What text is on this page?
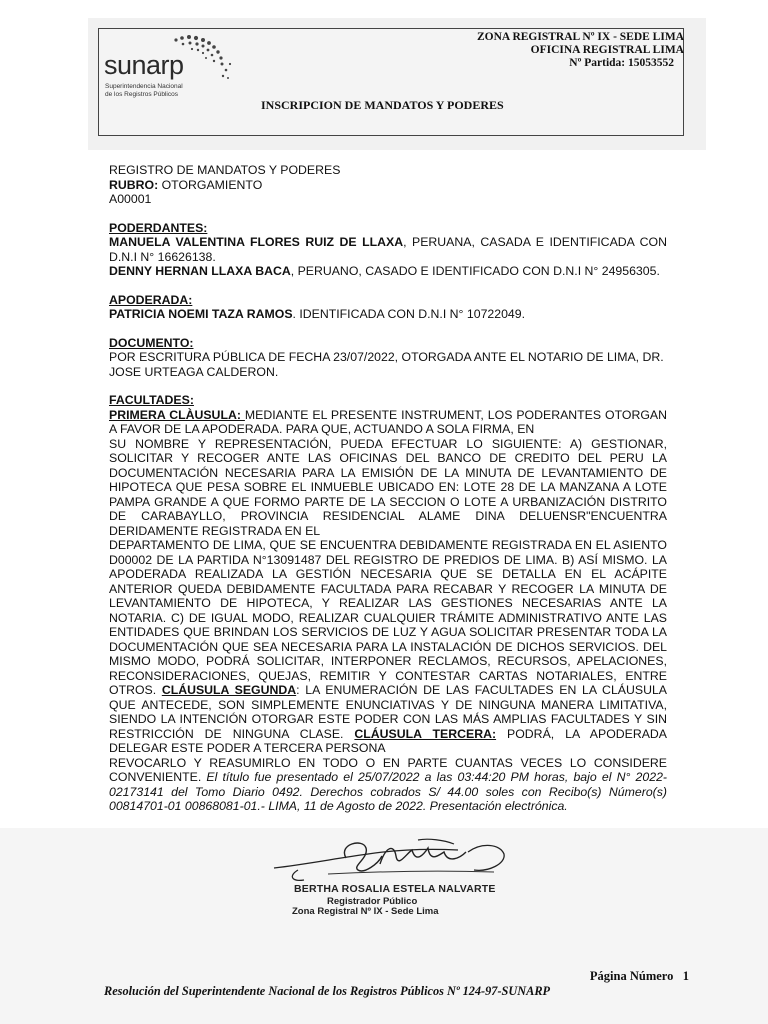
sunarp
Superintendencia Nacional
de los Registros Públicos
ZONA REGISTRAL Nº IX - SEDE LIMA
OFICINA REGISTRAL LIMA
Nº Partida: 15053552
INSCRIPCION DE MANDATOS Y PODERES

REGISTRO DE MANDATOS Y PODERES

RUBRO: OTORGAMIENTO

A00001

PODERDANTES:

MANUELA VALENTINA FLORES RUIZ DE LLAXA, PERUANA, CASADA E IDENTIFICADA CON D.N.I N° 16626138.

DENNY HERNAN LLAXA BACA, PERUANO, CASADO E IDENTIFICADO CON D.N.I N° 24956305.

APODERADA:

PATRICIA NOEMI TAZA RAMOS. IDENTIFICADA CON D.N.I N° 10722049.

DOCUMENTO:

POR ESCRITURA PÚBLICA DE FECHA 23/07/2022, OTORGADA ANTE EL NOTARIO DE LIMA, DR. JOSE URTEAGA CALDERON.

FACULTADES:

PRIMERA CLÀUSULA: MEDIANTE EL PRESENTE INSTRUMENT, LOS PODERANTES OTORGAN A FAVOR DE LA APODERADA. PARA QUE, ACTUANDO A SOLA FIRMA, EN

SU NOMBRE Y REPRESENTACIÓN, PUEDA EFECTUAR LO SIGUIENTE: A) GESTIONAR, SOLICITAR Y RECOGER ANTE LAS OFICINAS DEL BANCO DE CREDITO DEL PERU LA DOCUMENTACIÓN NECESARIA PARA LA EMISIÓN DE LA MINUTA DE LEVANTAMIENTO DE HIPOTECA QUE PESA SOBRE EL INMUEBLE UBICADO EN: LOTE 28 DE LA MANZANA A LOTE PAMPA GRANDE A QUE FORMO PARTE DE LA SECCION O LOTE A URBANIZACIÓN DISTRITO DE CARABAYLLO, PROVINCIA RESIDENCIAL ALAME DINA DELUENSR"ENCUENTRA DERIDAMENTE REGISTRADA EN EL

DEPARTAMENTO DE LIMA, QUE SE ENCUENTRA DEBIDAMENTE REGISTRADA EN EL ASIENTO D00002 DE LA PARTIDA N°13091487 DEL REGISTRO DE PREDIOS DE LIMA. B) ASÍ MISMO. LA APODERADA REALIZADA LA GESTIÓN NECESARIA QUE SE DETALLA EN EL ACÁPITE ANTERIOR QUEDA DEBIDAMENTE FACULTADA PARA RECABAR Y RECOGER LA MINUTA DE LEVANTAMIENTO DE HIPOTECA, Y REALIZAR LAS GESTIONES NECESARIAS ANTE LA NOTARIA. C) DE IGUAL MODO, REALIZAR CUALQUIER TRÁMITE ADMINISTRATIVO ANTE LAS ENTIDADES QUE BRINDAN LOS SERVICIOS DE LUZ Y AGUA SOLICITAR PRESENTAR TODA LA DOCUMENTACIÓN QUE SEA NECESARIA PARA LA INSTALACIÓN DE DICHOS SERVICIOS. DEL MISMO MODO, PODRÁ SOLICITAR, INTERPONER RECLAMOS, RECURSOS, APELACIONES, RECONSIDERACIONES, QUEJAS, REMITIR Y CONTESTAR CARTAS NOTARIALES, ENTRE OTROS. CLÁUSULA SEGUNDA: LA ENUMERACIÓN DE LAS FACULTADES EN LA CLÁUSULA QUE ANTECEDE, SON SIMPLEMENTE ENUNCIATIVAS Y DE NINGUNA MANERA LIMITATIVA, SIENDO LA INTENCIÓN OTORGAR ESTE PODER CON LAS MÁS AMPLIAS FACULTADES Y SIN RESTRICCIÓN DE NINGUNA CLASE. CLÁUSULA TERCERA: PODRÁ, LA APODERADA DELEGAR ESTE PODER A TERCERA PERSONA

REVOCARLO Y REASUMIRLO EN TODO O EN PARTE CUANTAS VECES LO CONSIDERE CONVENIENTE. El título fue presentado el 25/07/2022 a las 03:44:20 PM horas, bajo el N° 2022-02173141 del Tomo Diario 0492. Derechos cobrados S/ 44.00 soles con Recibo(s) Número(s) 00814701-01 00868081-01.- LIMA, 11 de Agosto de 2022. Presentación electrónica.

BERTHA ROSALIA ESTELA NALVARTE
Registrador Público
Zona Registral Nº IX - Sede Lima
Página Número   1
Resolución del Superintendente Nacional de los Registros Públicos Nº 124-97-SUNARP
